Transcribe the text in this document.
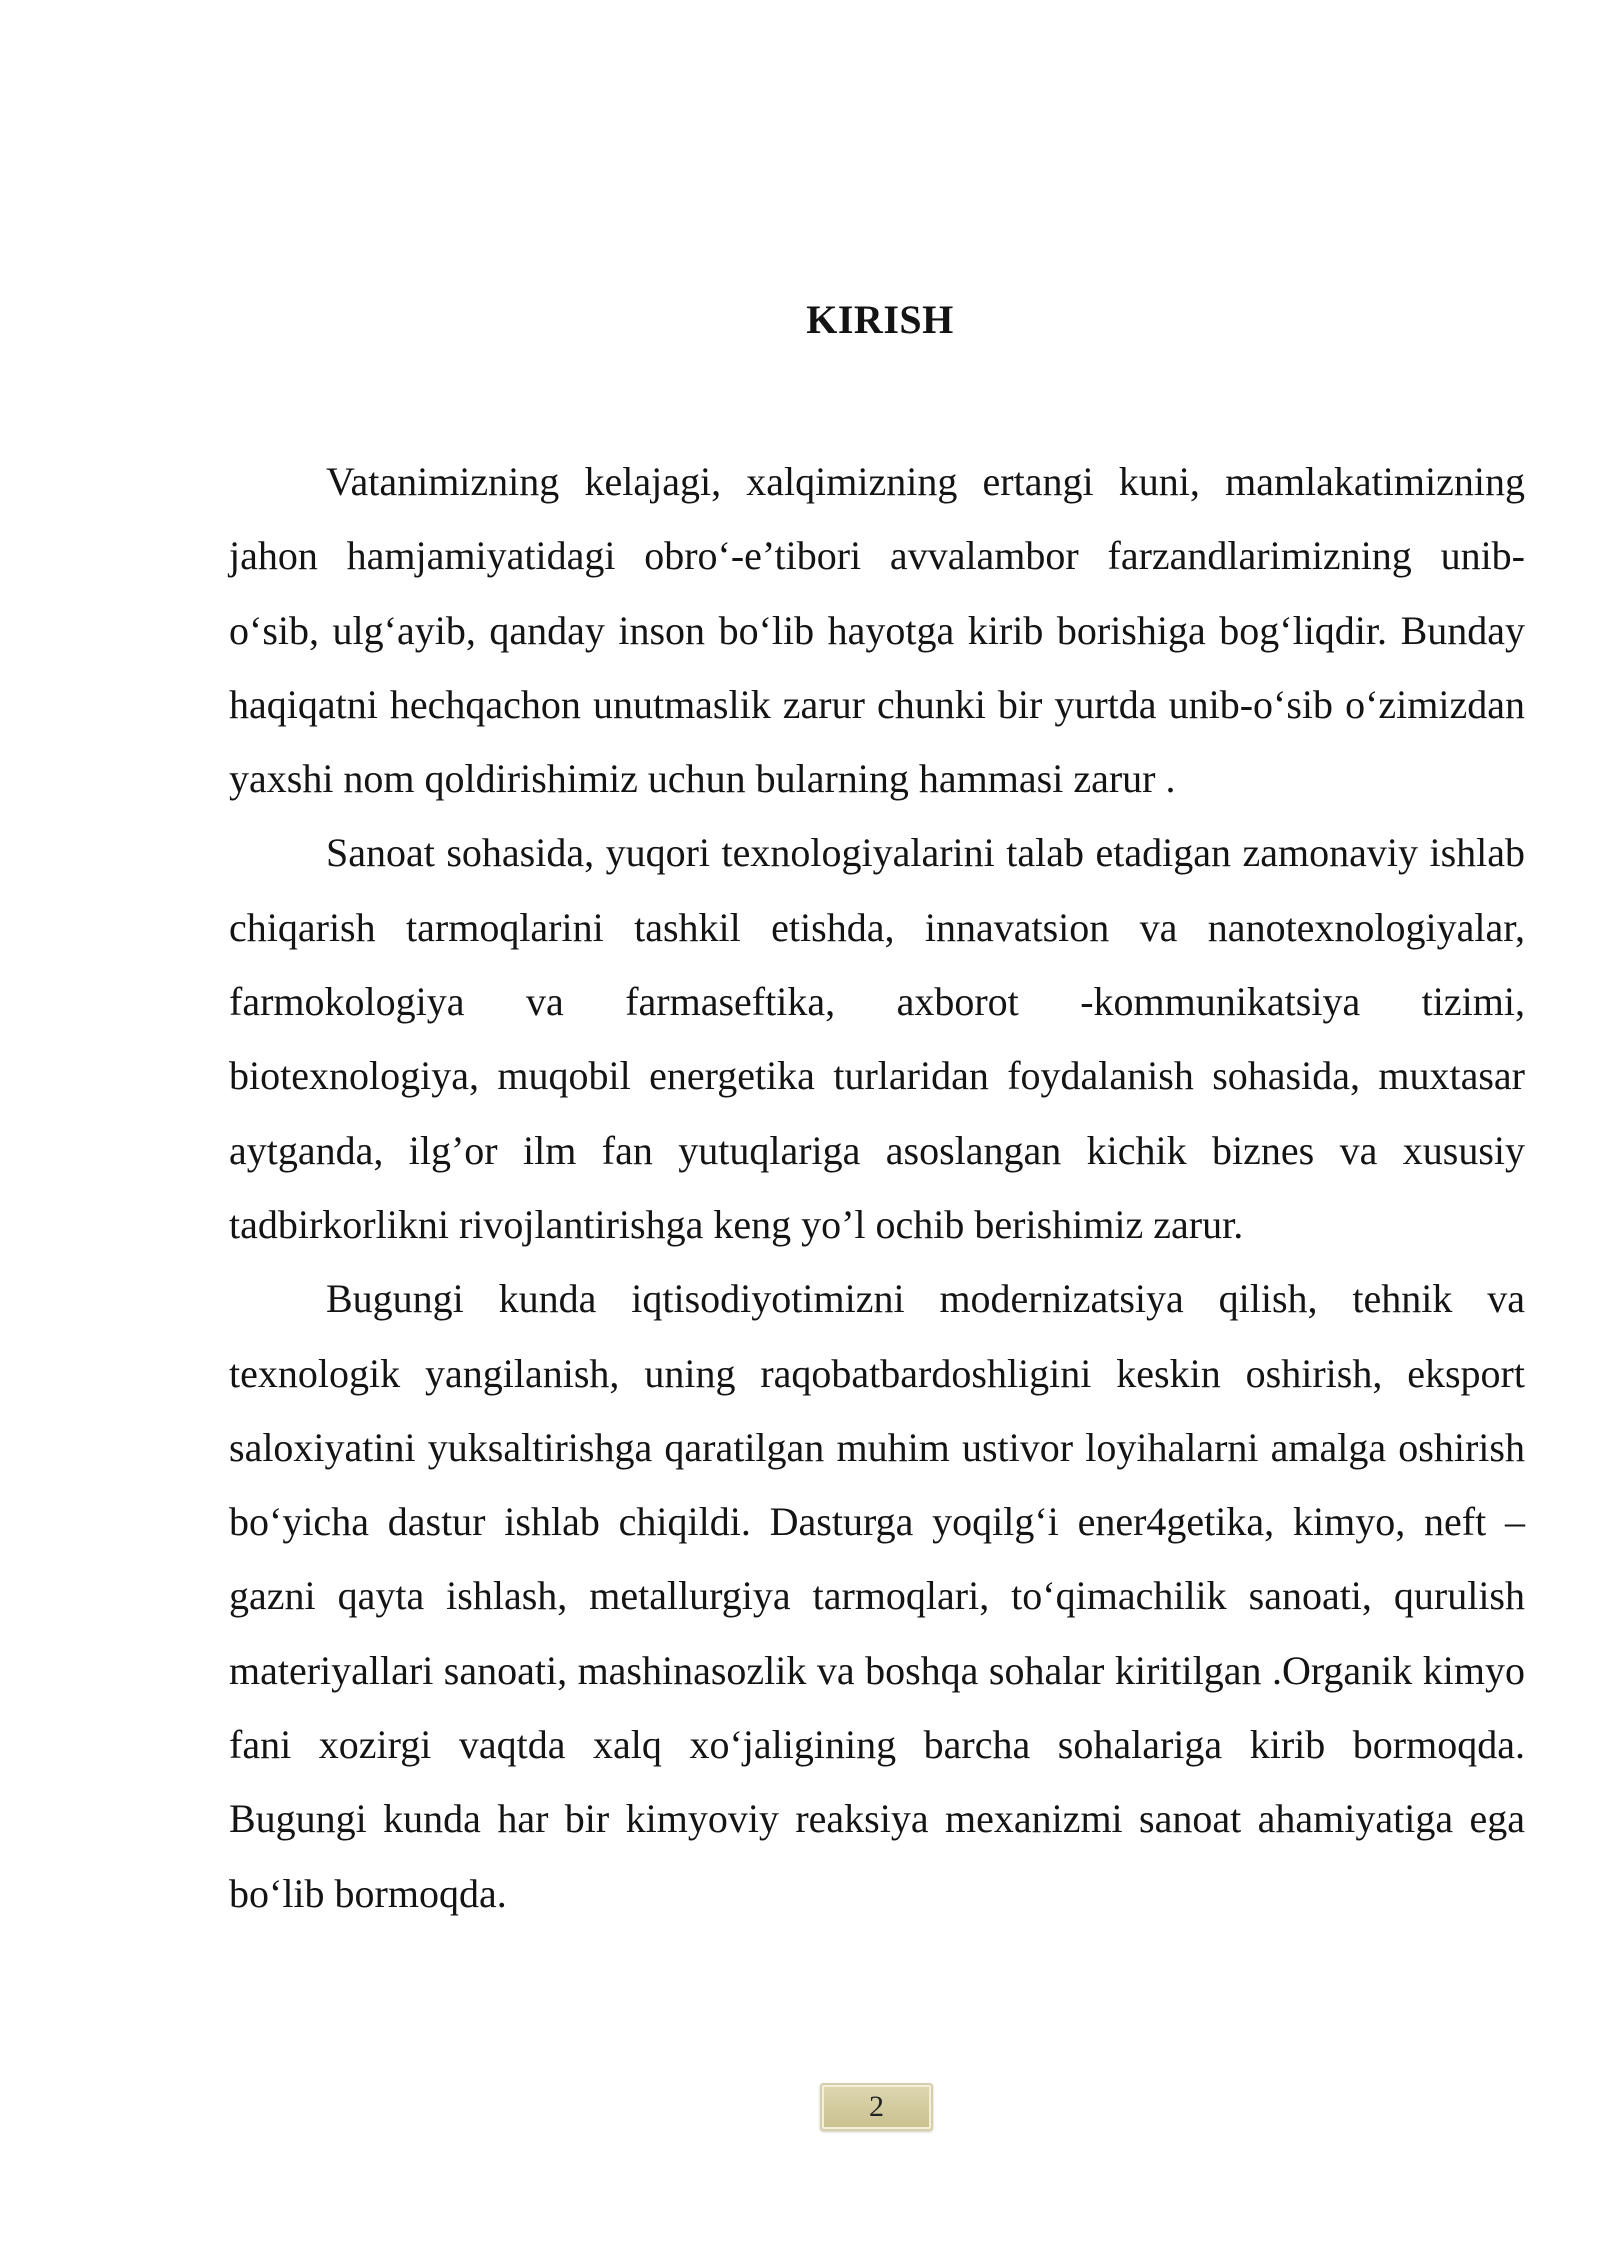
KIRISH

Vatanimizning kelajagi, xalqimizning ertangi kuni, mamlakatimizning jahon hamjamiyatidagi obro‘-e’tibori avvalambor farzandlarimizning unib- o‘sib, ulg‘ayib, qanday inson bo‘lib hayotga kirib borishiga bog‘liqdir. Bunday haqiqatni hechqachon unutmaslik zarur chunki bir yurtda unib-o‘sib o‘zimizdan yaxshi nom qoldirishimiz uchun bularning hammasi zarur .

Sanoat sohasida, yuqori texnologiyalarini talab etadigan zamonaviy ishlab chiqarish tarmoqlarini tashkil etishda, innavatsion va nanotexnologiyalar, farmokologiya va farmaseftika, axborot -kommunikatsiya tizimi, biotexnologiya, muqobil energetika turlaridan foydalanish sohasida, muxtasar aytganda, ilg’or ilm fan yutuqlariga asoslangan kichik biznes va xususiy tadbirkorlikni rivojlantirishga keng yo’l ochib berishimiz zarur.

Bugungi kunda iqtisodiyotimizni modernizatsiya qilish, tehnik va texnologik yangilanish, uning raqobatbardoshligini keskin oshirish, eksport saloxiyatini yuksaltirishga qaratilgan muhim ustivor loyihalarni amalga oshirish bo‘yicha dastur ishlab chiqildi. Dasturga yoqilg‘i ener4getika, kimyo, neft – gazni qayta ishlash, metallurgiya tarmoqlari, to‘qimachilik sanoati, qurulish materiyallari sanoati, mashinasozlik va boshqa sohalar kiritilgan .Organik kimyo fani xozirgi vaqtda xalq xo‘jaligining barcha sohalariga kirib bormoqda. Bugungi kunda har bir kimyoviy reaksiya mexanizmi sanoat ahamiyatiga ega bo‘lib bormoqda.

2
